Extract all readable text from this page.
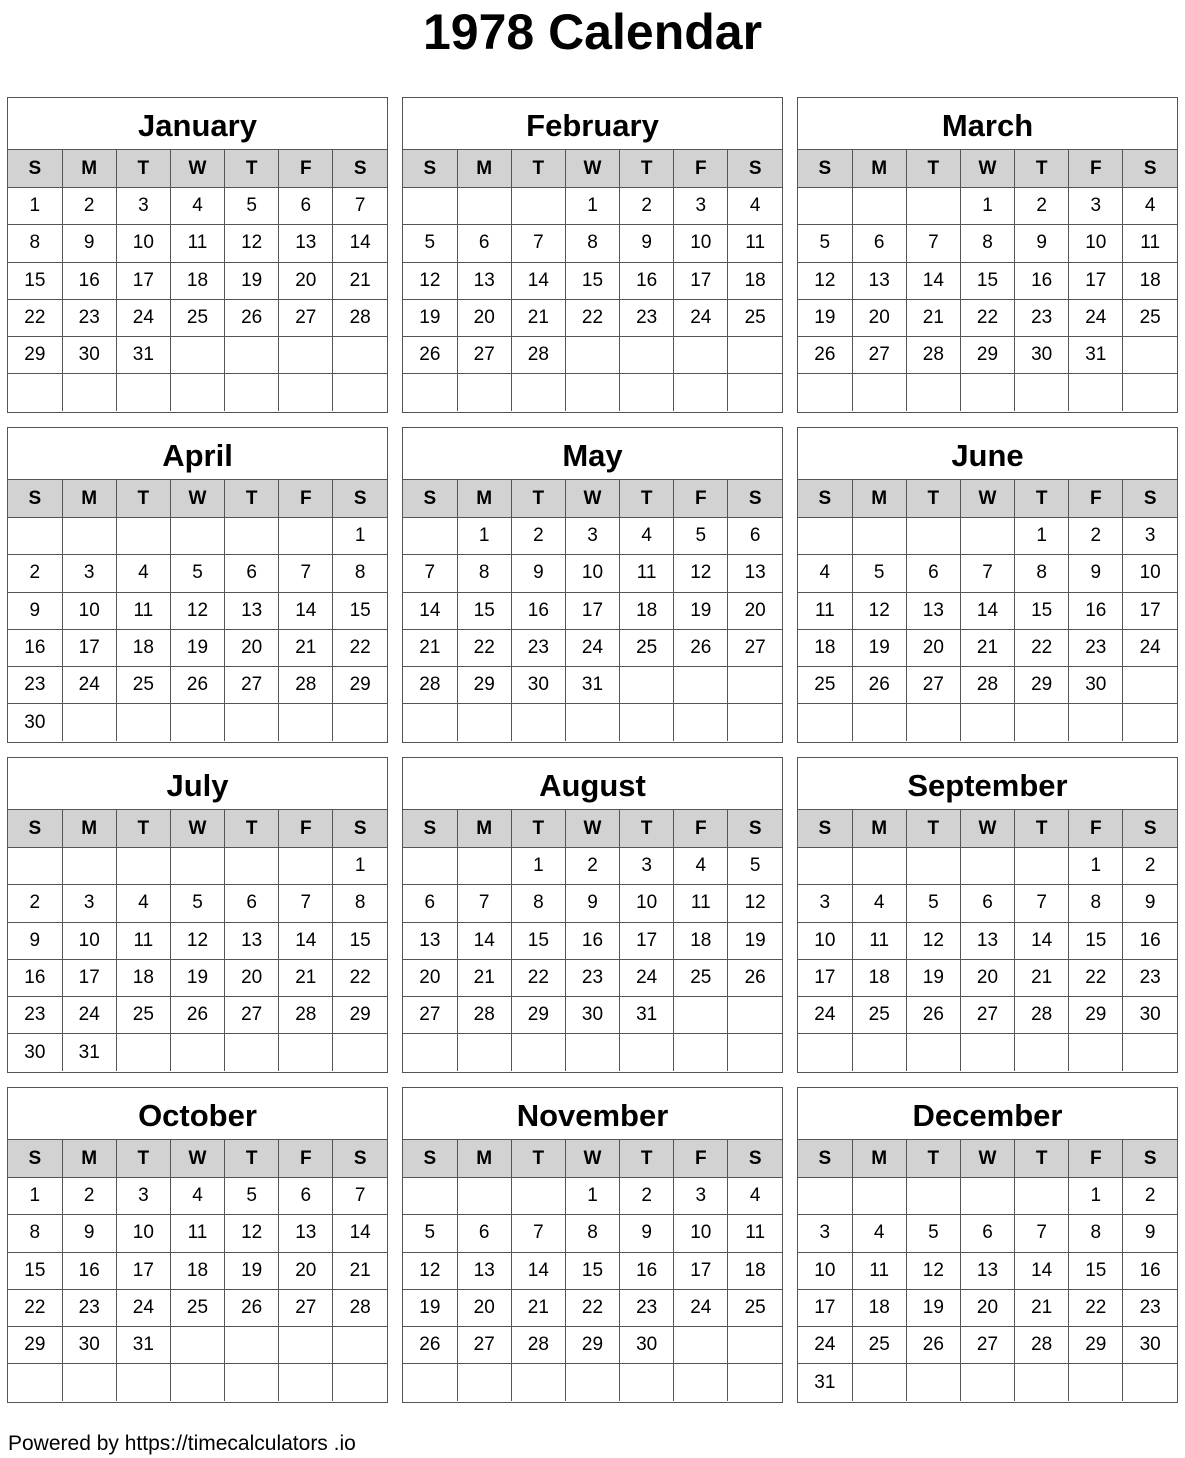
1978 Calendar
January
S	M	T	W	T	F	S
1	2	3	4	5	6	7
8	9	10	11	12	13	14
15	16	17	18	19	20	21
22	23	24	25	26	27	28
29	30	31				

February
S	M	T	W	T	F	S
			1	2	3	4
5	6	7	8	9	10	11
12	13	14	15	16	17	18
19	20	21	22	23	24	25
26	27	28				

March
S	M	T	W	T	F	S
			1	2	3	4
5	6	7	8	9	10	11
12	13	14	15	16	17	18
19	20	21	22	23	24	25
26	27	28	29	30	31	

April
S	M	T	W	T	F	S
						1
2	3	4	5	6	7	8
9	10	11	12	13	14	15
16	17	18	19	20	21	22
23	24	25	26	27	28	29
30						
May
S	M	T	W	T	F	S
	1	2	3	4	5	6
7	8	9	10	11	12	13
14	15	16	17	18	19	20
21	22	23	24	25	26	27
28	29	30	31			

June
S	M	T	W	T	F	S
				1	2	3
4	5	6	7	8	9	10
11	12	13	14	15	16	17
18	19	20	21	22	23	24
25	26	27	28	29	30	

July
S	M	T	W	T	F	S
						1
2	3	4	5	6	7	8
9	10	11	12	13	14	15
16	17	18	19	20	21	22
23	24	25	26	27	28	29
30	31					
August
S	M	T	W	T	F	S
		1	2	3	4	5
6	7	8	9	10	11	12
13	14	15	16	17	18	19
20	21	22	23	24	25	26
27	28	29	30	31		

September
S	M	T	W	T	F	S
					1	2
3	4	5	6	7	8	9
10	11	12	13	14	15	16
17	18	19	20	21	22	23
24	25	26	27	28	29	30

October
S	M	T	W	T	F	S
1	2	3	4	5	6	7
8	9	10	11	12	13	14
15	16	17	18	19	20	21
22	23	24	25	26	27	28
29	30	31				

November
S	M	T	W	T	F	S
			1	2	3	4
5	6	7	8	9	10	11
12	13	14	15	16	17	18
19	20	21	22	23	24	25
26	27	28	29	30		

December
S	M	T	W	T	F	S
					1	2
3	4	5	6	7	8	9
10	11	12	13	14	15	16
17	18	19	20	21	22	23
24	25	26	27	28	29	30
31						
Powered by https://timecalculators .io
